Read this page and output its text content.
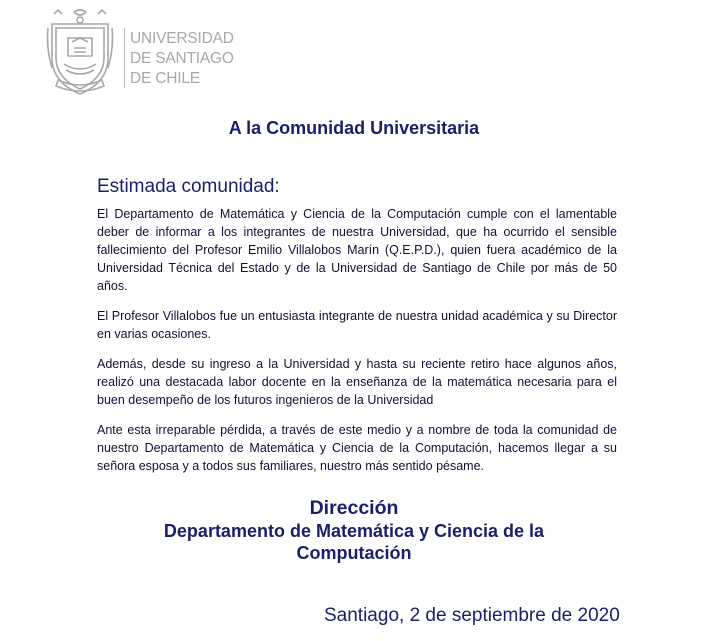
UNIVERSIDAD
DE SANTIAGO
DE CHILE
A la Comunidad Universitaria
Estimada comunidad:

El Departamento de Matemática y Ciencia de la Computación cumple con el lamentable deber de informar a los integrantes de nuestra Universidad, que ha ocurrido el sensible fallecimiento del Profesor Emilio Villalobos Marín (Q.E.P.D.), quien fuera académico de la Universidad Técnica del Estado y de la Universidad de Santiago de Chile por más de 50 años.

El Profesor Villalobos fue un entusiasta integrante de nuestra unidad académica y su Director en varias ocasiones.

Además, desde su ingreso a la Universidad y hasta su reciente retiro hace algunos años, realizó una destacada labor docente en la enseñanza de la matemática necesaria para el buen desempeño de los futuros ingenieros de la Universidad

Ante esta irreparable pérdida, a través de este medio y a nombre de toda la comunidad de nuestro Departamento de Matemática y Ciencia de la Computación, hacemos llegar a su señora esposa y a todos sus familiares, nuestro más sentido pésame.

Dirección
Departamento de Matemática y Ciencia de la
Computación
Santiago, 2 de septiembre de 2020
